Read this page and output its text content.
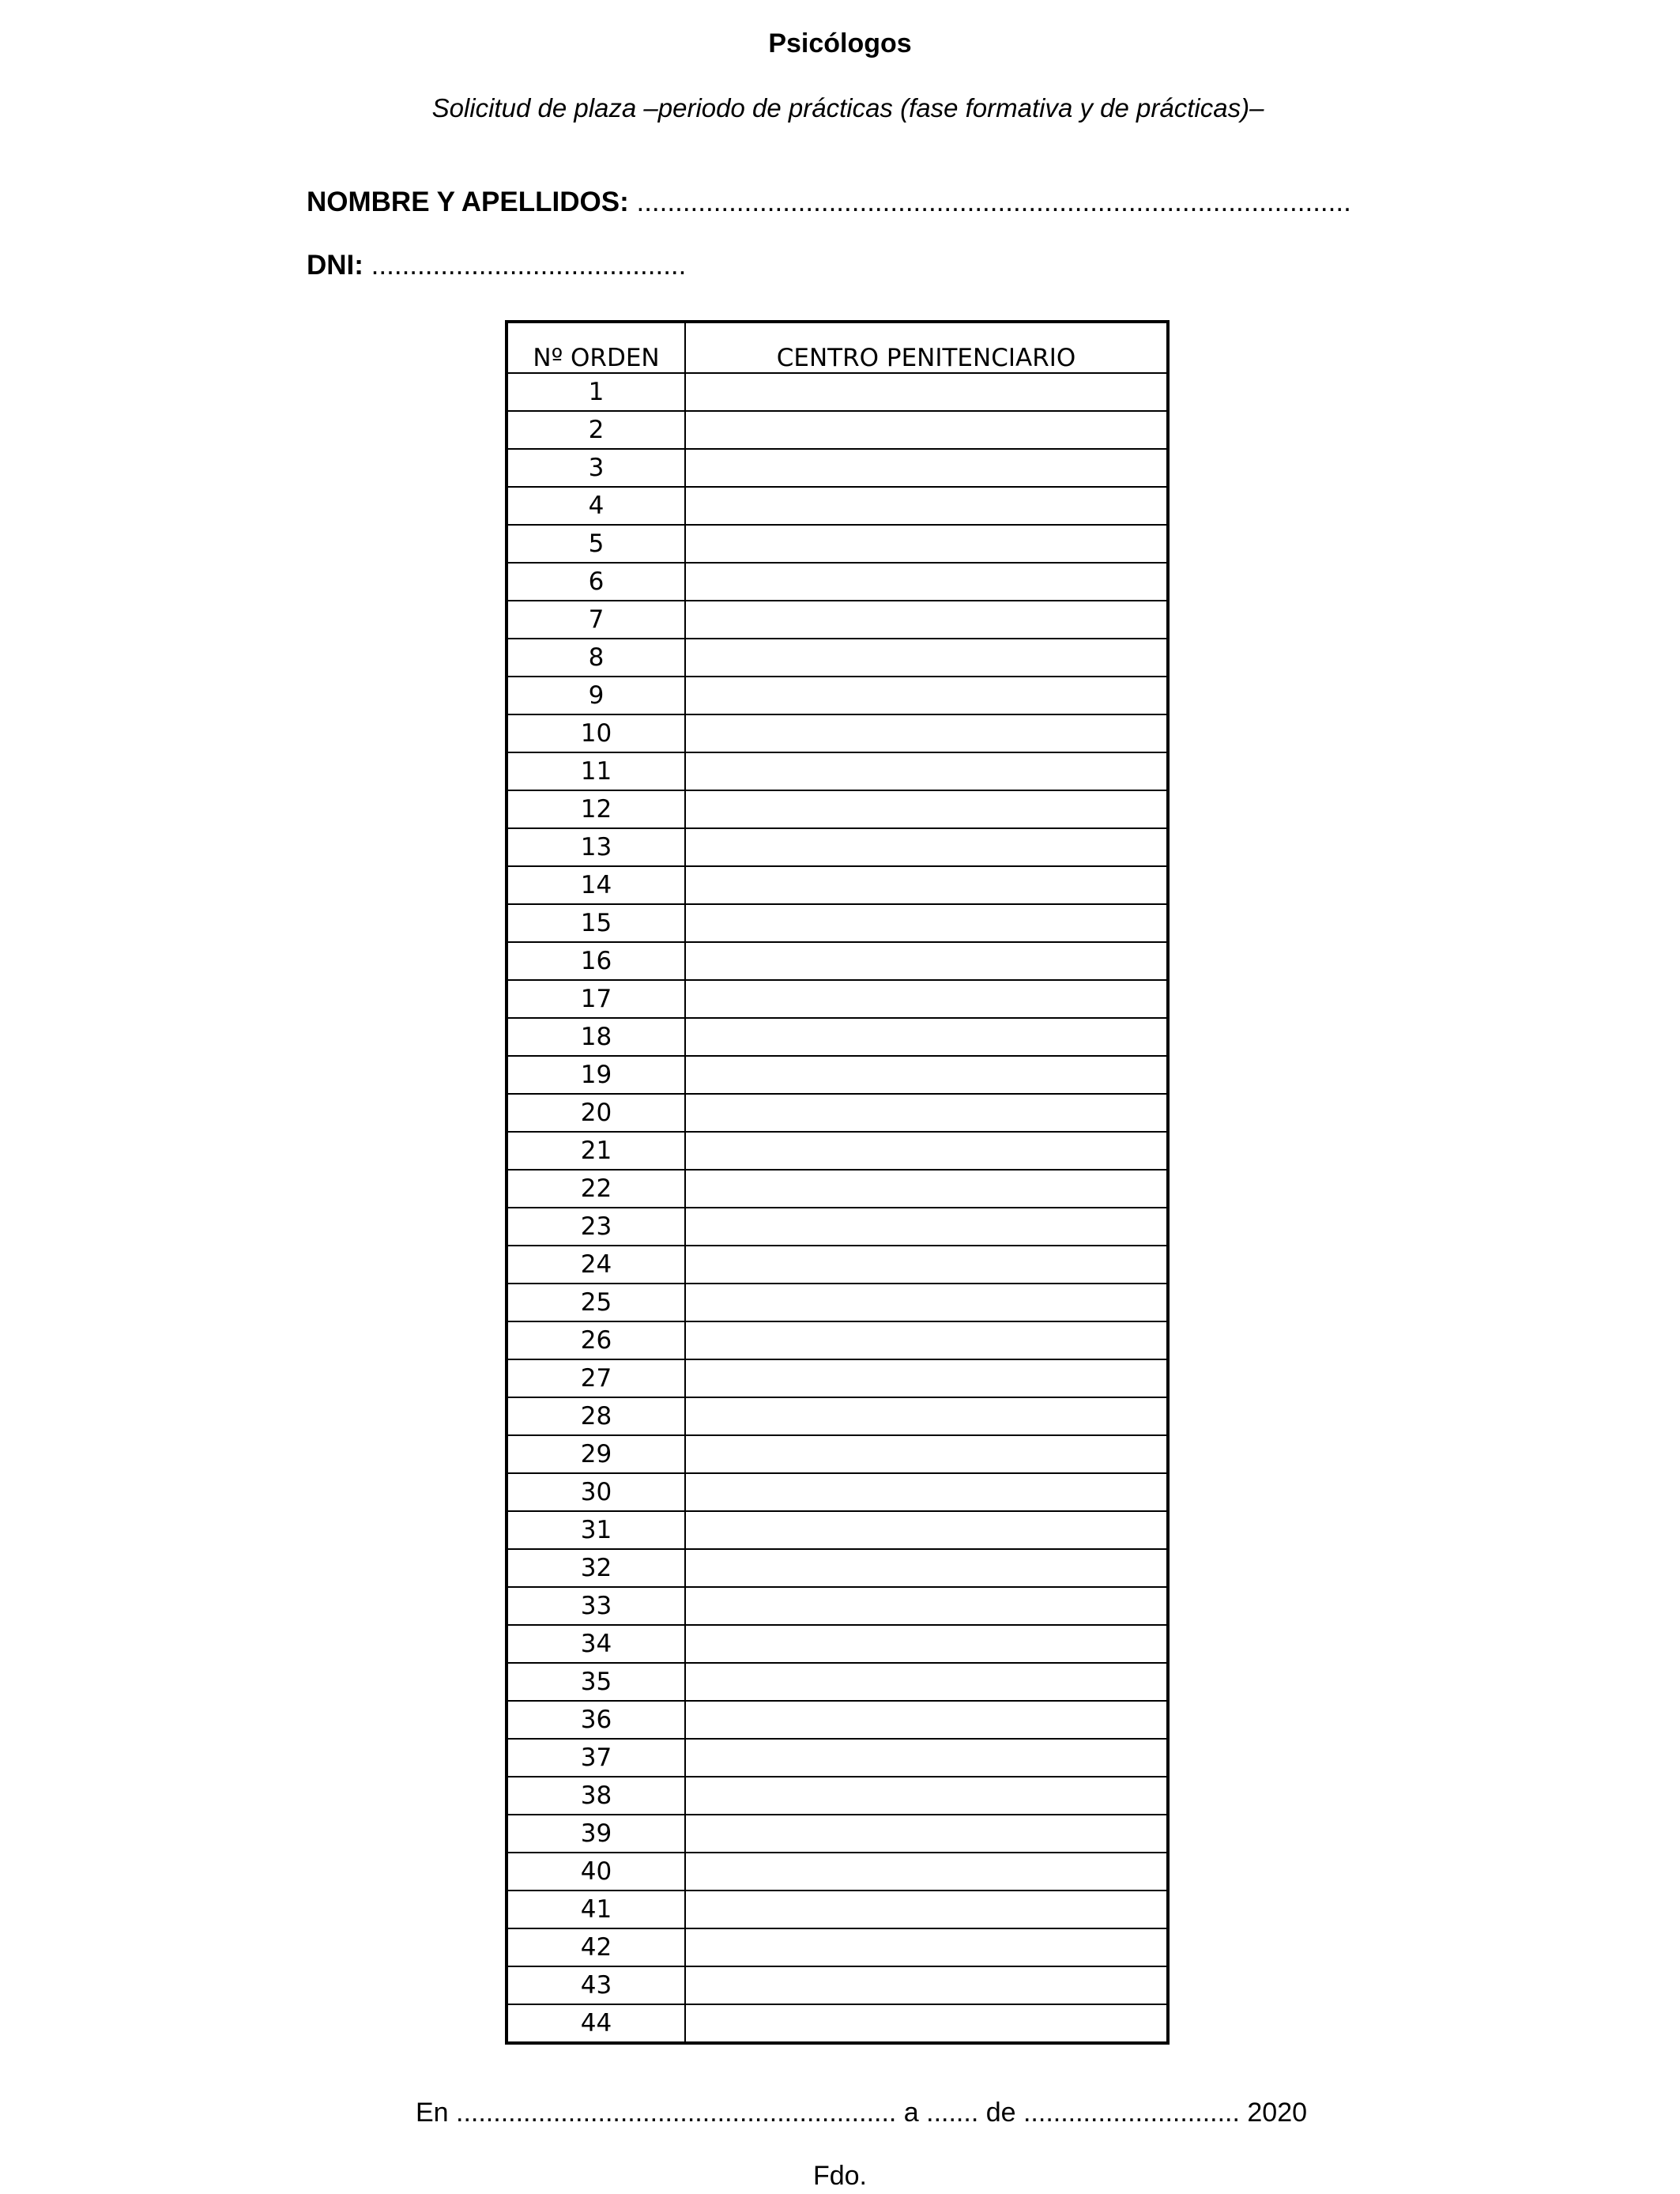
Psicólogos
Solicitud de plaza –periodo de prácticas (fase formativa y de prácticas)–
NOMBRE Y APELLIDOS: .............................................................................................
DNI: .........................................
Nº ORDEN	CENTRO PENITENCIARIO
1	
2	
3	
4	
5	
6	
7	
8	
9	
10	
11	
12	
13	
14	
15	
16	
17	
18	
19	
20	
21	
22	
23	
24	
25	
26	
27	
28	
29	
30	
31	
32	
33	
34	
35	
36	
37	
38	
39	
40	
41	
42	
43	
44	
En ........................................................... a ....... de ............................. 2020
Fdo.
